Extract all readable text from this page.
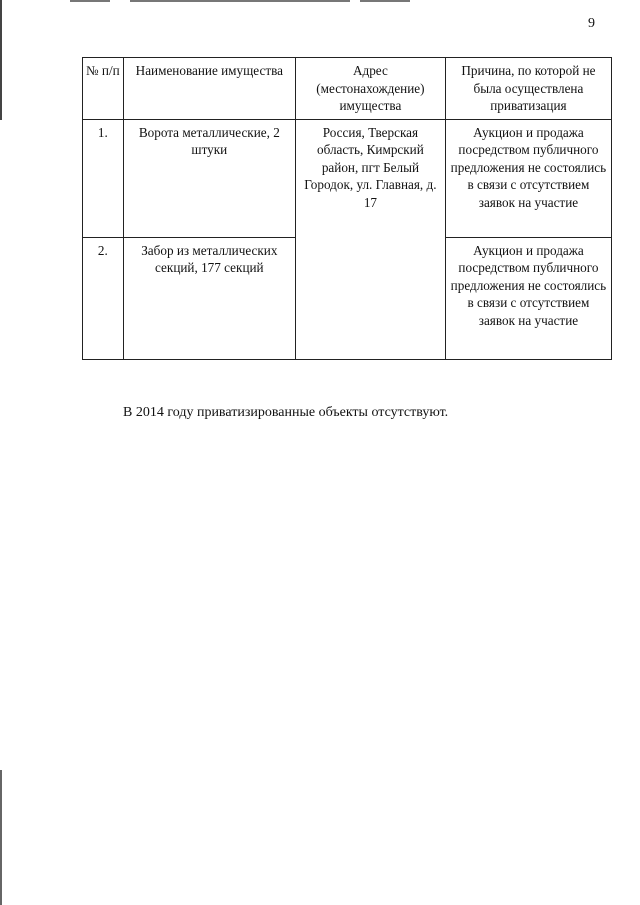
9
№ п/п	Наименование имущества	Адрес (местонахождение) имущества	Причина, по которой не была осуществлена приватизация
1.	Ворота металлические, 2 штуки	Россия, Тверская область, Кимрский район, пгт Белый Городок, ул. Главная, д. 17	Аукцион и продажа посредством публичного предложения не состоялись в связи с отсутствием заявок на участие
2.	Забор из металлических секций, 177 секций		Аукцион и продажа посредством публичного предложения не состоялись в связи с отсутствием заявок на участие
В 2014 году приватизированные объекты отсутствуют.
